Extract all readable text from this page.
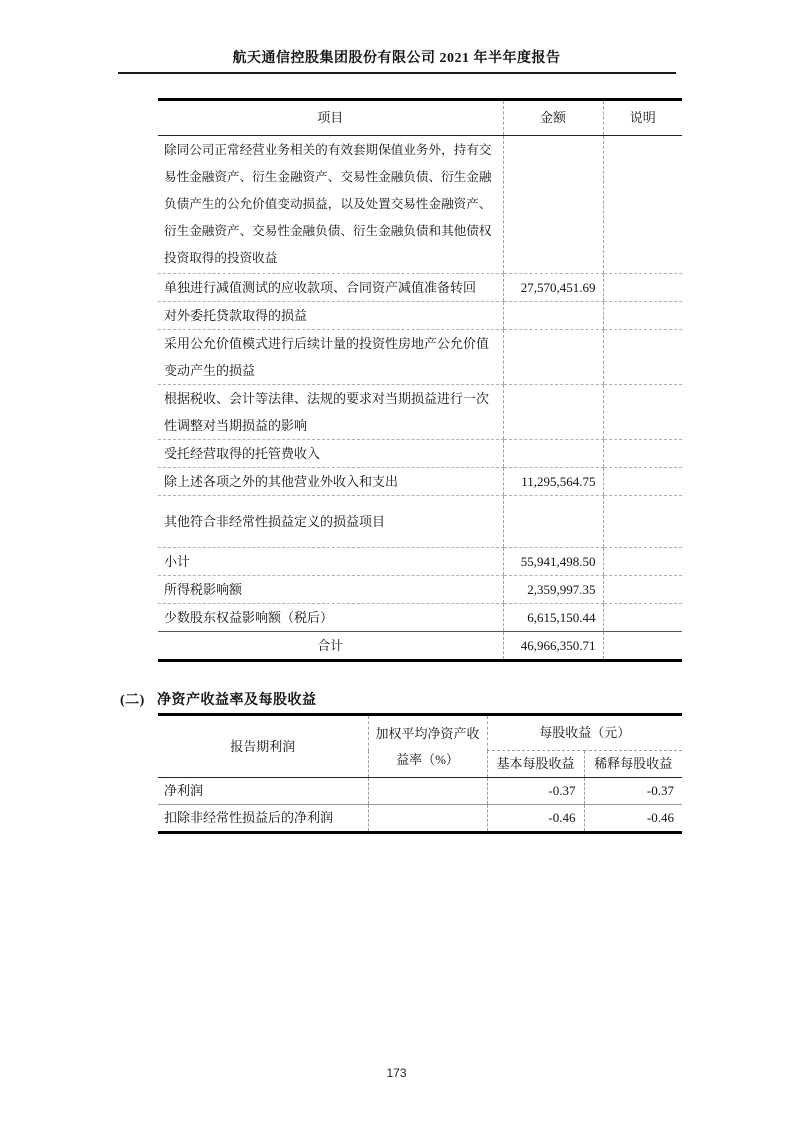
航天通信控股集团股份有限公司 2021 年半年度报告
项目	金额	说明
除同公司正常经营业务相关的有效套期保值业务外，持有交易性金融资产、衍生金融资产、交易性金融负债、衍生金融负债产生的公允价值变动损益，以及处置交易性金融资产、衍生金融资产、交易性金融负债、衍生金融负债和其他债权投资取得的投资收益		
单独进行减值测试的应收款项、合同资产减值准备转回	27,570,451.69	
对外委托贷款取得的损益		
采用公允价值模式进行后续计量的投资性房地产公允价值变动产生的损益		
根据税收、会计等法律、法规的要求对当期损益进行一次性调整对当期损益的影响		
受托经营取得的托管费收入		
除上述各项之外的其他营业外收入和支出	11,295,564.75	
其他符合非经常性损益定义的损益项目		
小计	55,941,498.50	
所得税影响额	2,359,997.35	
少数股东权益影响额（税后）	6,615,150.44	
合计	46,966,350.71	
(二) 净资产收益率及每股收益
报告期利润	加权平均净资产收益率（%）	每股收益（元）	
		基本每股收益	稀释每股收益
净利润		-0.37	-0.37
扣除非经常性损益后的净利润		-0.46	-0.46
173
